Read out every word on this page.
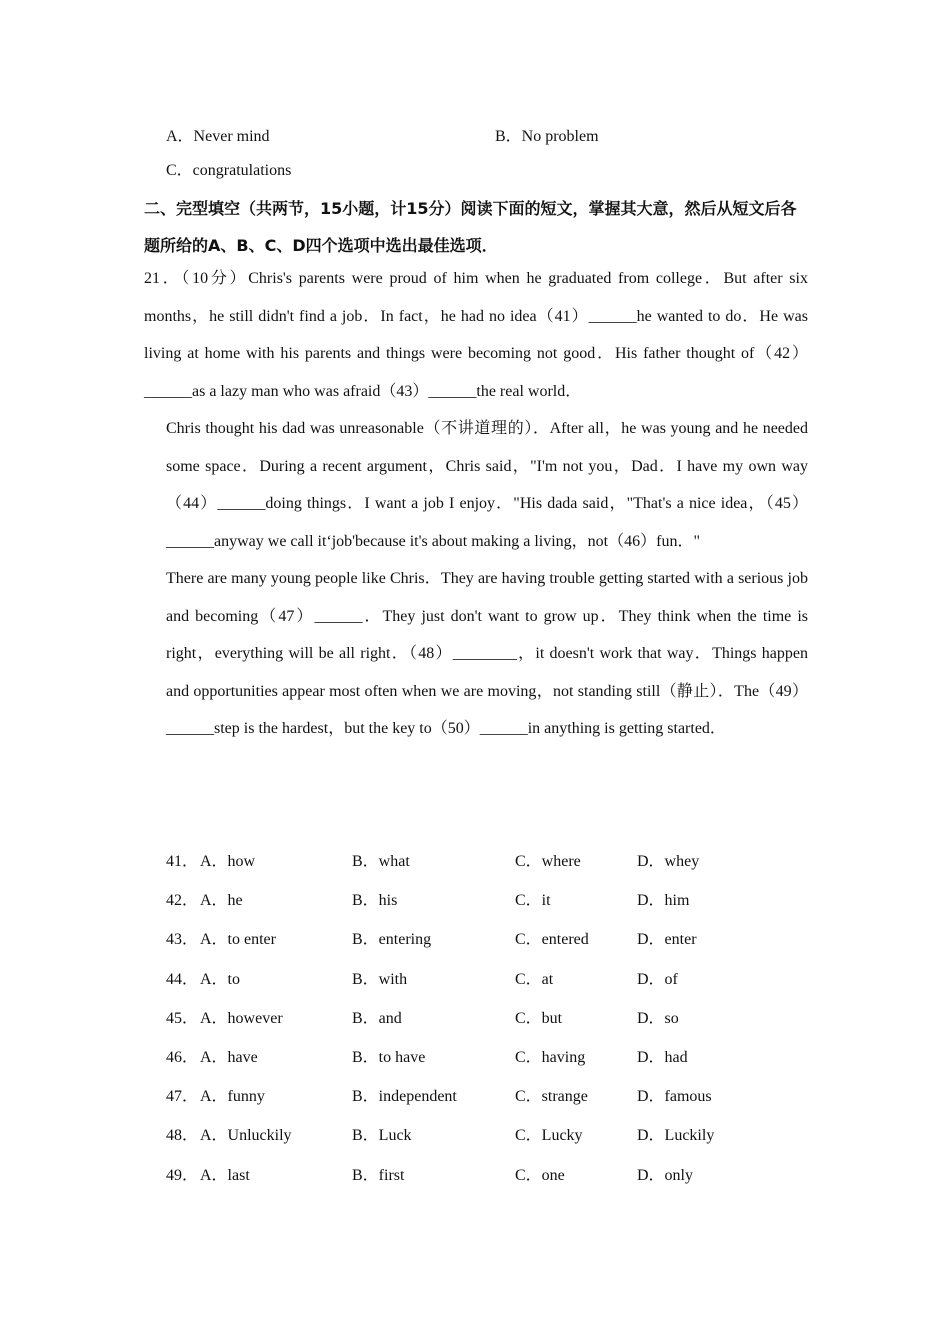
A．Never mind	B．No problem
C．congratulations
二、完型填空（共两节，15小题，计15分）阅读下面的短文，掌握其大意，然后从短文后各题所给的A、B、C、D四个选项中选出最佳选项．

21．（10分）Chris's parents were proud of him when he graduated from college．But after six months，he still didn't find a job．In fact，he had no idea（41）______he wanted to do．He was living at home with his parents and things were becoming not good．His father thought of（42）______as a lazy man who was afraid（43）______the real world．

Chris thought his dad was unreasonable（不讲道理的）．After all，he was young and he needed some space．During a recent argument，Chris said，"I'm not you，Dad．I have my own way（44）______doing things．I want a job I enjoy．"His dada said，"That's a nice idea，（45）______anyway we call it‘job'because it's about making a living，not（46）fun．"

There are many young people like Chris．They are having trouble getting started with a serious job and becoming（47）______．They just don't want to grow up．They think when the time is right，everything will be all right．（48）________，it doesn't work that way．Things happen and opportunities appear most often when we are moving，not standing still（静止）．The（49）______step is the hardest，but the key to（50）______in anything is getting started．

41． A．how	B．what	C．where	D．whey
42． A．he	B．his	C．it	D．him
43． A．to enter	B．entering	C．entered	D．enter
44． A．to	B．with	C．at	D．of
45． A．however	B．and	C．but	D．so
46． A．have	B．to have	C．having	D．had
47． A．funny	B．independent	C．strange	D．famous
48． A．Unluckily	B．Luck	C．Lucky	D．Luckily
49． A．last	B．first	C．one	D．only
